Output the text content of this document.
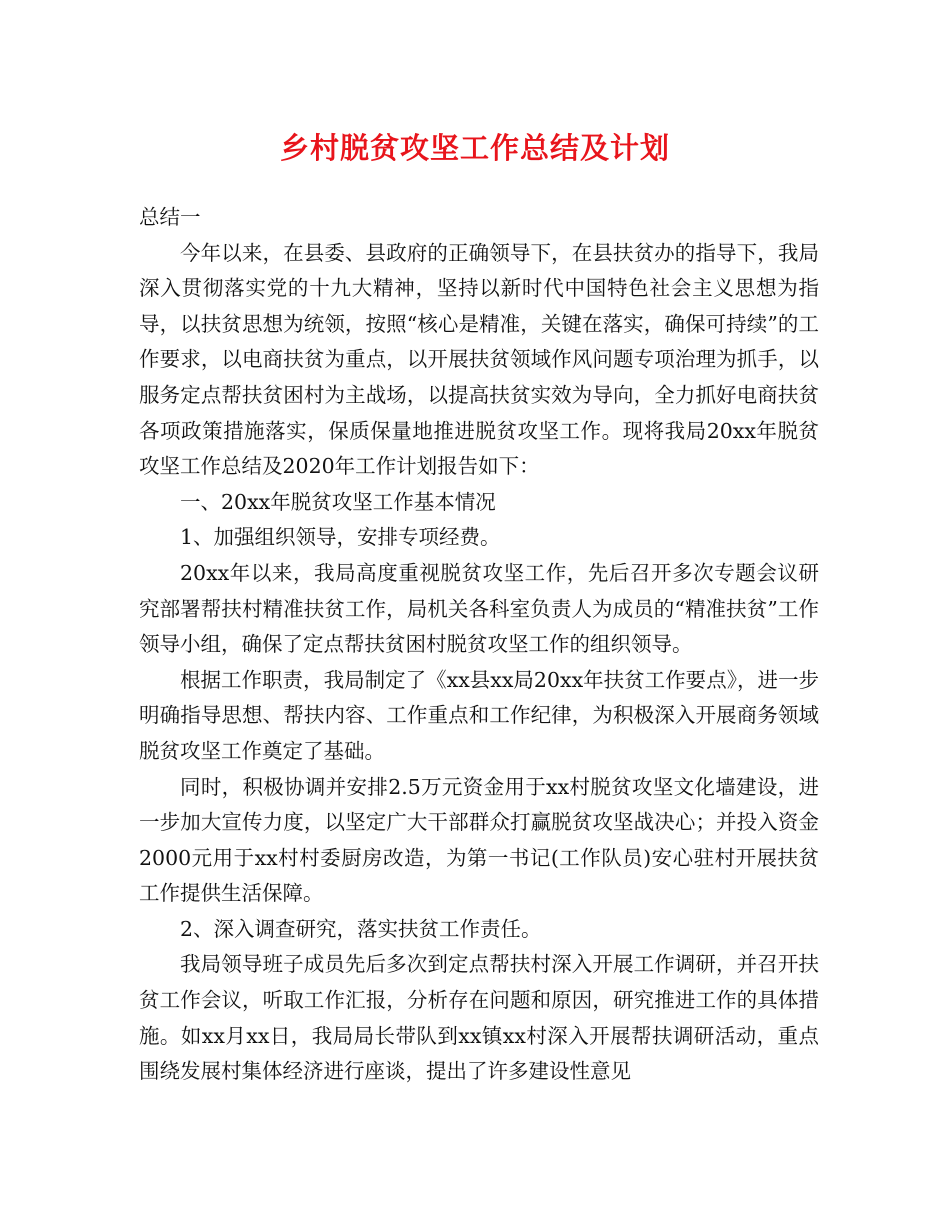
乡村脱贫攻坚工作总结及计划

总结一

今年以来，在县委、县政府的正确领导下，在县扶贫办的指导下，我局深入贯彻落实党的十九大精神，坚持以新时代中国特色社会主义思想为指导，以扶贫思想为统领，按照“核心是精准，关键在落实，确保可持续”的工作要求，以电商扶贫为重点，以开展扶贫领域作风问题专项治理为抓手，以服务定点帮扶贫困村为主战场，以提高扶贫实效为导向，全力抓好电商扶贫各项政策措施落实，保质保量地推进脱贫攻坚工作。现将我局20xx年脱贫攻坚工作总结及2020年工作计划报告如下：

一、20xx年脱贫攻坚工作基本情况

1、加强组织领导，安排专项经费。

20xx年以来，我局高度重视脱贫攻坚工作，先后召开多次专题会议研究部署帮扶村精准扶贫工作，局机关各科室负责人为成员的“精准扶贫”工作领导小组，确保了定点帮扶贫困村脱贫攻坚工作的组织领导。

根据工作职责，我局制定了《xx县xx局20xx年扶贫工作要点》，进一步明确指导思想、帮扶内容、工作重点和工作纪律，为积极深入开展商务领域脱贫攻坚工作奠定了基础。

同时，积极协调并安排2.5万元资金用于xx村脱贫攻坚文化墙建设，进一步加大宣传力度，以坚定广大干部群众打赢脱贫攻坚战决心；并投入资金2000元用于xx村村委厨房改造，为第一书记(工作队员)安心驻村开展扶贫工作提供生活保障。

2、深入调查研究，落实扶贫工作责任。

我局领导班子成员先后多次到定点帮扶村深入开展工作调研，并召开扶贫工作会议，听取工作汇报，分析存在问题和原因，研究推进工作的具体措施。如xx月xx日，我局局长带队到xx镇xx村深入开展帮扶调研活动，重点围绕发展村集体经济进行座谈，提出了许多建设性意见
